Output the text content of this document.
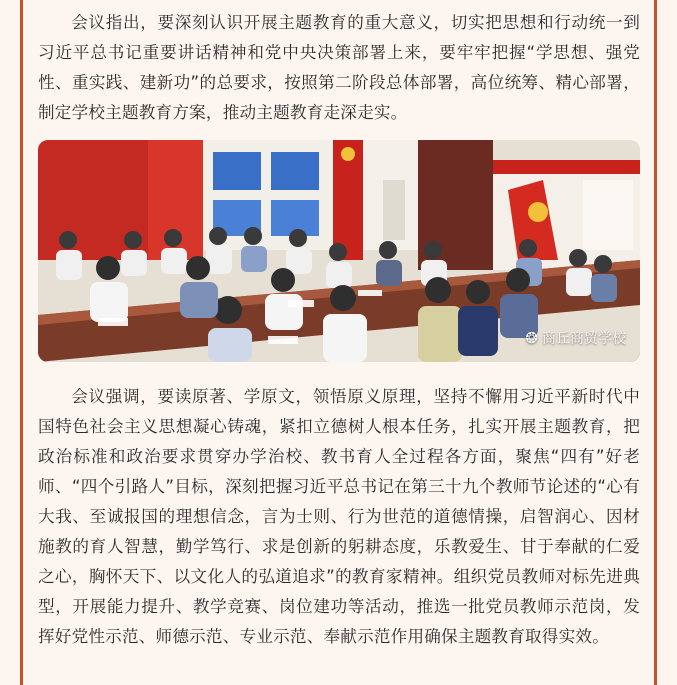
会议指出，要深刻认识开展主题教育的重大意义，切实把思想和行动统一到习近平总书记重要讲话精神和党中央决策部署上来，要牢牢把握“学思想、强党性、重实践、建新功”的总要求，按照第二阶段总体部署，高位统筹、精心部署，制定学校主题教育方案，推动主题教育走深走实。

❂ 商丘商贸学校

会议强调，要读原著、学原文，领悟原义原理，坚持不懈用习近平新时代中国特色社会主义思想凝心铸魂，紧扣立德树人根本任务，扎实开展主题教育，把政治标准和政治要求贯穿办学治校、教书育人全过程各方面，聚焦“四有”好老师、“四个引路人”目标，深刻把握习近平总书记在第三十九个教师节论述的“心有大我、至诚报国的理想信念，言为士则、行为世范的道德情操，启智润心、因材施教的育人智慧，勤学笃行、求是创新的躬耕态度，乐教爱生、甘于奉献的仁爱之心，胸怀天下、以文化人的弘道追求”的教育家精神。组织党员教师对标先进典型，开展能力提升、教学竞赛、岗位建功等活动，推选一批党员教师示范岗，发挥好党性示范、师德示范、专业示范、奉献示范作用确保主题教育取得实效。
